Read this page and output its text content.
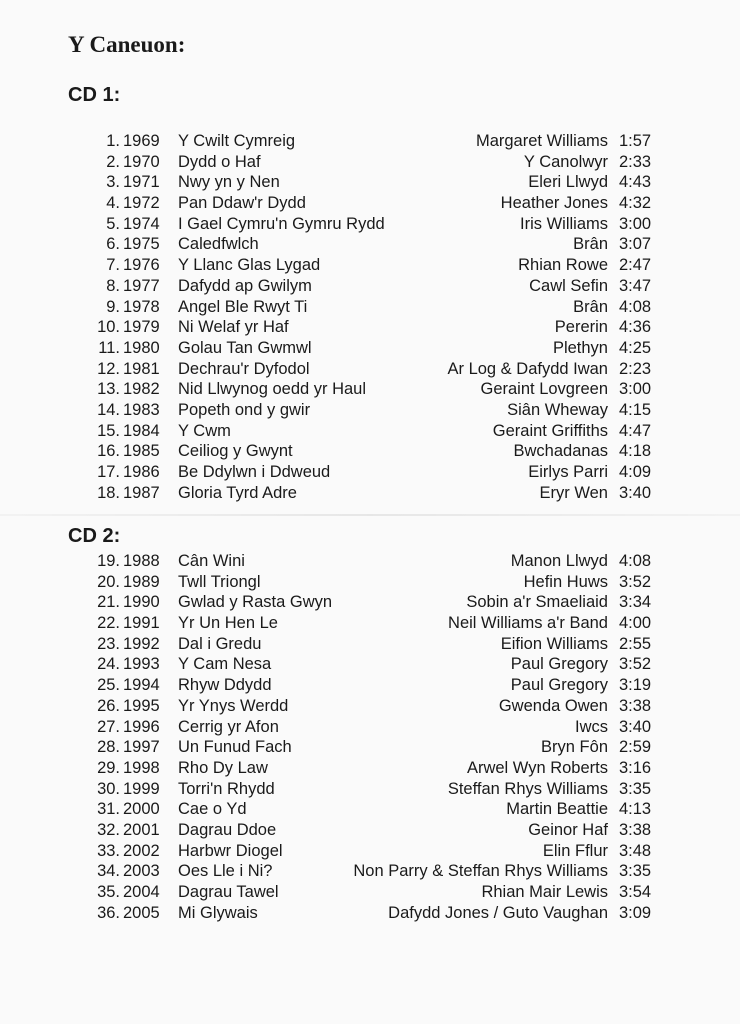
Y Caneuon:
CD 1:
1. 1969 Y Cwilt Cymreig	Margaret Williams 1:57
2. 1970 Dydd o Haf	Y Canolwyr 2:33
3. 1971 Nwy yn y Nen	Eleri Llwyd 4:43
4. 1972 Pan Ddaw'r Dydd	Heather Jones 4:32
5. 1974 I Gael Cymru'n Gymru Rydd	Iris Williams 3:00
6. 1975 Caledfwlch	Brân 3:07
7. 1976 Y Llanc Glas Lygad	Rhian Rowe 2:47
8. 1977 Dafydd ap Gwilym	Cawl Sefin 3:47
9. 1978 Angel Ble Rwyt Ti	Brân 4:08
10. 1979 Ni Welaf yr Haf	Pererin 4:36
11. 1980 Golau Tan Gwmwl	Plethyn 4:25
12. 1981 Dechrau'r Dyfodol	Ar Log & Dafydd Iwan 2:23
13. 1982 Nid Llwynog oedd yr Haul	Geraint Lovgreen 3:00
14. 1983 Popeth ond y gwir	Siân Wheway 4:15
15. 1984 Y Cwm	Geraint Griffiths 4:47
16. 1985 Ceiliog y Gwynt	Bwchadanas 4:18
17. 1986 Be Ddylwn i Ddweud	Eirlys Parri 4:09
18. 1987 Gloria Tyrd Adre	Eryr Wen 3:40
CD 2:
19. 1988 Cân Wini	Manon Llwyd 4:08
20. 1989 Twll Triongl	Hefin Huws 3:52
21. 1990 Gwlad y Rasta Gwyn	Sobin a'r Smaeliaid 3:34
22. 1991 Yr Un Hen Le	Neil Williams a'r Band 4:00
23. 1992 Dal i Gredu	Eifion Williams 2:55
24. 1993 Y Cam Nesa	Paul Gregory 3:52
25. 1994 Rhyw Ddydd	Paul Gregory 3:19
26. 1995 Yr Ynys Werdd	Gwenda Owen 3:38
27. 1996 Cerrig yr Afon	Iwcs 3:40
28. 1997 Un Funud Fach	Bryn Fôn 2:59
29. 1998 Rho Dy Law	Arwel Wyn Roberts 3:16
30. 1999 Torri'n Rhydd	Steffan Rhys Williams 3:35
31. 2000 Cae o Yd	Martin Beattie 4:13
32. 2001 Dagrau Ddoe	Geinor Haf 3:38
33. 2002 Harbwr Diogel	Elin Fflur 3:48
34. 2003 Oes Lle i Ni?	Non Parry & Steffan Rhys Williams 3:35
35. 2004 Dagrau Tawel	Rhian Mair Lewis 3:54
36. 2005 Mi Glywais	Dafydd Jones / Guto Vaughan 3:09
